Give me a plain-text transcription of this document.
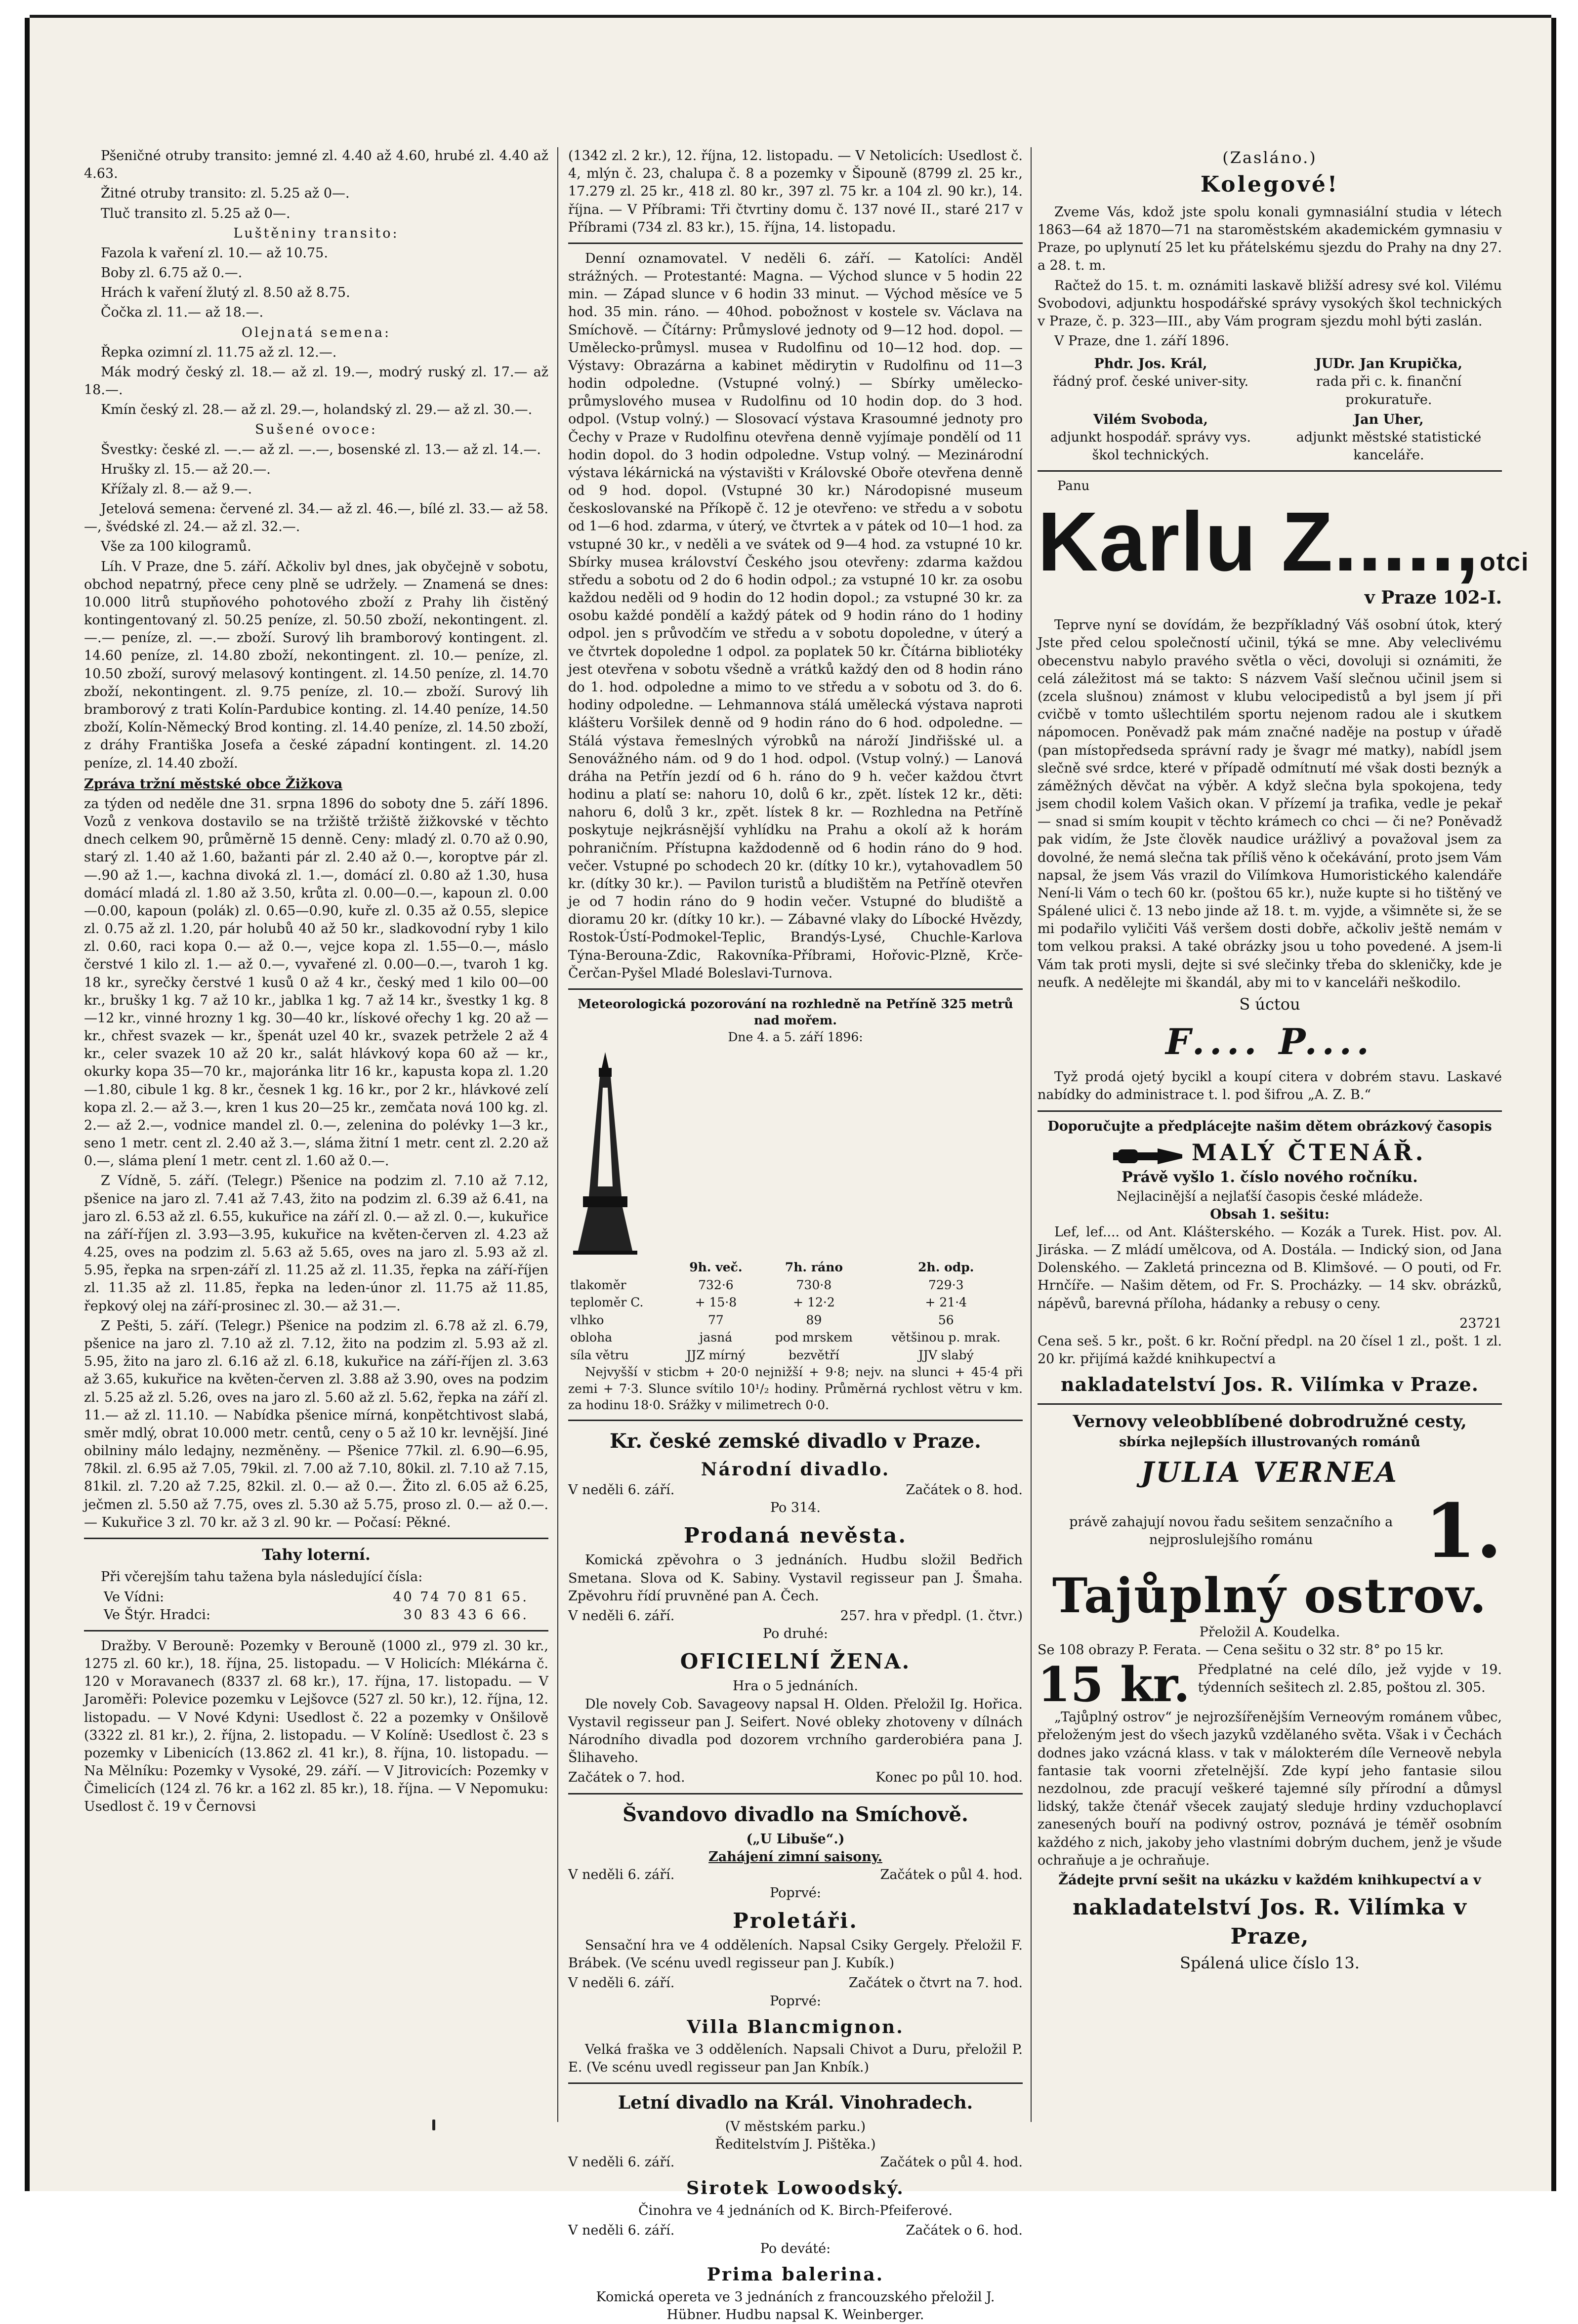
Pšeničné otruby transito: jemné zl. 4.40 až 4.60, hrubé zl. 4.40 až 4.63.

Žitné otruby transito: zl. 5.25 až 0—.

Tluč transito zl. 5.25 až 0—.

Luštěniny transito:

Fazola k vaření zl. 10.— až 10.75.

Boby zl. 6.75 až 0.—.

Hrách k vaření žlutý zl. 8.50 až 8.75.

Čočka zl. 11.— až 18.—.

Olejnatá semena:

Řepka ozimní zl. 11.75 až zl. 12.—.

Mák modrý český zl. 18.— až zl. 19.—, modrý ruský zl. 17.— až 18.—.

Kmín český zl. 28.— až zl. 29.—, holandský zl. 29.— až zl. 30.—.

Sušené ovoce:

Švestky: české zl. —.— až zl. —.—, bosenské zl. 13.— až zl. 14.—.

Hrušky zl. 15.— až 20.—.

Křížaly zl. 8.— až 9.—.

Jetelová semena: červené zl. 34.— až zl. 46.—, bílé zl. 33.— až 58.—, švédské zl. 24.— až zl. 32.—.

Vše za 100 kilogramů.

Líh. V Praze, dne 5. září. Ačkoliv byl dnes, jak obyčejně v sobotu, obchod nepatrný, přece ceny plně se udržely. — Znamená se dnes: 10.000 litrů stupňového pohotového zboží z Prahy lih čistěný kontingentovaný zl. 50.25 peníze, zl. 50.50 zboží, nekontingent. zl. —.— peníze, zl. —.— zboží. Surový lih bramborový kontingent. zl. 14.60 peníze, zl. 14.80 zboží, nekontingent. zl. 10.— peníze, zl. 10.50 zboží, surový melasový kontingent. zl. 14.50 peníze, zl. 14.70 zboží, nekontingent. zl. 9.75 peníze, zl. 10.— zboží. Surový lih bramborový z trati Kolín-Pardubice konting. zl. 14.40 peníze, 14.50 zboží, Kolín-Německý Brod konting. zl. 14.40 peníze, zl. 14.50 zboží, z dráhy Františka Josefa a české západní kontingent. zl. 14.20 peníze, zl. 14.40 zboží.

Zpráva tržní městské obce Žižkova

za týden od neděle dne 31. srpna 1896 do soboty dne 5. září 1896. Vozů z venkova dostavilo se na tržiště tržiště žižkovské v těchto dnech celkem 90, průměrně 15 denně. Ceny: mladý zl. 0.70 až 0.90, starý zl. 1.40 až 1.60, bažanti pár zl. 2.40 až 0.—, koroptve pár zl. —.90 až 1.—, kachna divoká zl. 1.—, domácí zl. 0.80 až 1.30, husa domácí mladá zl. 1.80 až 3.50, krůta zl. 0.00—0.—, kapoun zl. 0.00—0.00, kapoun (polák) zl. 0.65—0.90, kuře zl. 0.35 až 0.55, slepice zl. 0.75 až zl. 1.20, pár holubů 40 až 50 kr., sladkovodní ryby 1 kilo zl. 0.60, raci kopa 0.— až 0.—, vejce kopa zl. 1.55—0.—, máslo čerstvé 1 kilo zl. 1.— až 0.—, vyvařené zl. 0.00—0.—, tvaroh 1 kg. 18 kr., syrečky čerstvé 1 kusů 0 až 4 kr., český med 1 kilo 00—00 kr., brušky 1 kg. 7 až 10 kr., jablka 1 kg. 7 až 14 kr., švestky 1 kg. 8—12 kr., vinné hrozny 1 kg. 30—40 kr., lískové ořechy 1 kg. 20 až — kr., chřest svazek — kr., špenát uzel 40 kr., svazek petržele 2 až 4 kr., celer svazek 10 až 20 kr., salát hlávkový kopa 60 až — kr., okurky kopa 35—70 kr., majoránka litr 16 kr., kapusta kopa zl. 1.20—1.80, cibule 1 kg. 8 kr., česnek 1 kg. 16 kr., por 2 kr., hlávkové zelí kopa zl. 2.— až 3.—, kren 1 kus 20—25 kr., zemčata nová 100 kg. zl. 2.— až 2.—, vodnice mandel zl. 0.—, zelenina do polévky 1—3 kr., seno 1 metr. cent zl. 2.40 až 3.—, sláma žitní 1 metr. cent zl. 2.20 až 0.—, sláma plení 1 metr. cent zl. 1.60 až 0.—.

Z Vídně, 5. září. (Telegr.) Pšenice na podzim zl. 7.10 až 7.12, pšenice na jaro zl. 7.41 až 7.43, žito na podzim zl. 6.39 až 6.41, na jaro zl. 6.53 až zl. 6.55, kukuřice na září zl. 0.— až zl. 0.—, kukuřice na září-říjen zl. 3.93—3.95, kukuřice na květen-červen zl. 4.23 až 4.25, oves na podzim zl. 5.63 až 5.65, oves na jaro zl. 5.93 až zl. 5.95, řepka na srpen-září zl. 11.25 až zl. 11.35, řepka na září-říjen zl. 11.35 až zl. 11.85, řepka na leden-únor zl. 11.75 až 11.85, řepkový olej na září-prosinec zl. 30.— až 31.—.

Z Pešti, 5. září. (Telegr.) Pšenice na podzim zl. 6.78 až zl. 6.79, pšenice na jaro zl. 7.10 až zl. 7.12, žito na podzim zl. 5.93 až zl. 5.95, žito na jaro zl. 6.16 až zl. 6.18, kukuřice na září-říjen zl. 3.63 až 3.65, kukuřice na květen-červen zl. 3.88 až 3.90, oves na podzim zl. 5.25 až zl. 5.26, oves na jaro zl. 5.60 až zl. 5.62, řepka na září zl. 11.— až zl. 11.10. — Nabídka pšenice mírná, konpětchtivost slabá, směr mdlý, obrat 10.000 metr. centů, ceny o 5 až 10 kr. levnější. Jiné obilniny málo ledajny, nezměněny. — Pšenice 77kil. zl. 6.90—6.95, 78kil. zl. 6.95 až 7.05, 79kil. zl. 7.00 až 7.10, 80kil. zl. 7.10 až 7.15, 81kil. zl. 7.20 až 7.25, 82kil. zl. 0.— až 0.—. Žito zl. 6.05 až 6.25, ječmen zl. 5.50 až 7.75, oves zl. 5.30 až 5.75, proso zl. 0.— až 0.—. — Kukuřice 3 zl. 70 kr. až 3 zl. 90 kr. — Počasí: Pěkné.

Tahy loterní.

Při včerejším tahu tažena byla následující čísla:

Ve Vídni:	40 74 70 81 65.
Ve Štýr. Hradci:	30 83 43 6 66.

Dražby. V Berouně: Pozemky v Berouně (1000 zl., 979 zl. 30 kr., 1275 zl. 60 kr.), 18. října, 25. listopadu. — V Holicích: Mlékárna č. 120 v Moravanech (8337 zl. 68 kr.), 17. října, 17. listopadu. — V Jaroměři: Polevice pozemku v Lejšovce (527 zl. 50 kr.), 12. října, 12. listopadu. — V Nové Kdyni: Usedlost č. 22 a pozemky v Onšilově (3322 zl. 81 kr.), 2. října, 2. listopadu. — V Kolíně: Usedlost č. 23 s pozemky v Libenicích (13.862 zl. 41 kr.), 8. října, 10. listopadu. — Na Mělníku: Pozemky v Vysoké, 29. září. — V Jitrovicích: Pozemky v Čimelicích (124 zl. 76 kr. a 162 zl. 85 kr.), 18. října. — V Nepomuku: Usedlost č. 19 v Černovsi

(1342 zl. 2 kr.), 12. října, 12. listopadu. — V Netolicích: Usedlost č. 4, mlýn č. 23, chalupa č. 8 a pozemky v Šipouně (8799 zl. 25 kr., 17.279 zl. 25 kr., 418 zl. 80 kr., 397 zl. 75 kr. a 104 zl. 90 kr.), 14. října. — V Příbrami: Tři čtvrtiny domu č. 137 nové II., staré 217 v Příbrami (734 zl. 83 kr.), 15. října, 14. listopadu.

Denní oznamovatel. V neděli 6. září. — Katolíci: Anděl strážných. — Protestanté: Magna. — Východ slunce v 5 hodin 22 min. — Západ slunce v 6 hodin 33 minut. — Východ měsíce ve 5 hod. 35 min. ráno. — 40hod. pobožnost v kostele sv. Václava na Smíchově. — Čítárny: Průmyslové jednoty od 9—12 hod. dopol. — Umělecko-průmysl. musea v Rudolfinu od 10—12 hod. dop. — Výstavy: Obrazárna a kabinet mědirytin v Rudolfinu od 11—3 hodin odpoledne. (Vstupné volný.) — Sbírky umělecko-průmyslového musea v Rudolfinu od 10 hodin dop. do 3 hod. odpol. (Vstup volný.) — Slosovací výstava Krasoumné jednoty pro Čechy v Praze v Rudolfinu otevřena denně vyjímaje pondělí od 11 hodin dopol. do 3 hodin odpoledne. Vstup volný. — Mezinárodní výstava lékárnická na výstavišti v Královské Oboře otevřena denně od 9 hod. dopol. (Vstupné 30 kr.) Národopisné museum českoslovanské na Příkopě č. 12 je otevřeno: ve středu a v sobotu od 1—6 hod. zdarma, v úterý, ve čtvrtek a v pátek od 10—1 hod. za vstupné 30 kr., v neděli a ve svátek od 9—4 hod. za vstupné 10 kr. Sbírky musea království Českého jsou otevřeny: zdarma každou středu a sobotu od 2 do 6 hodin odpol.; za vstupné 10 kr. za osobu každou neděli od 9 hodin do 12 hodin dopol.; za vstupné 30 kr. za osobu každé pondělí a každý pátek od 9 hodin ráno do 1 hodiny odpol. jen s průvodčím ve středu a v sobotu dopoledne, v úterý a ve čtvrtek dopoledne 1 odpol. za poplatek 50 kr. Čítárna bibliotéky jest otevřena v sobotu všedně a vrátků každý den od 8 hodin ráno do 1. hod. odpoledne a mimo to ve středu a v sobotu od 3. do 6. hodiny odpoledne. — Lehmannova stálá umělecká výstava naproti klášteru Voršilek denně od 9 hodin ráno do 6 hod. odpoledne. — Stálá výstava řemeslných výrobků na nároží Jindřišské ul. a Senovážného nám. od 9 do 1 hod. odpol. (Vstup volný.) — Lanová dráha na Petřín jezdí od 6 h. ráno do 9 h. večer každou čtvrt hodinu a platí se: nahoru 10, dolů 6 kr., zpět. lístek 12 kr., děti: nahoru 6, dolů 3 kr., zpět. lístek 8 kr. — Rozhledna na Petříně poskytuje nejkrásnější vyhlídku na Prahu a okolí až k horám pohraničním. Přístupna každodenně od 6 hodin ráno do 9 hod. večer. Vstupné po schodech 20 kr. (dítky 10 kr.), vytahovadlem 50 kr. (dítky 30 kr.). — Pavilon turistů a bludištěm na Petříně otevřen je od 7 hodin ráno do 9 hodin večer. Vstupné do bludiště a dioramu 20 kr. (dítky 10 kr.). — Zábavné vlaky do Líbocké Hvězdy, Rostok-Ústí-Podmokel-Teplic, Brandýs-Lysé, Chuchle-Karlova Týna-Berouna-Zdic, Rakovníka-Příbrami, Hořovic-Plzně, Krče-Čerčan-Pyšel Mladé Boleslavi-Turnova.

Meteorologická pozorování na rozhledně na Petříně 325 metrů nad mořem.
Dne 4. a 5. září 1896:
	9h. več.	7h. ráno	2h. odp.
tlakoměr	732·6	730·8	729·3
teploměr C.	+ 15·8	+ 12·2	+ 21·4
vlhko	77	89	56
obloha	jasná	pod mrskem	většinou p. mrak.
síla větru	JJZ mírný	bezvětří	JJV slabý

Nejvyšší v sticbm + 20·0 nejnižší + 9·8; nejv. na slunci + 45·4 při zemi + 7·3. Slunce svítilo 10¹/₂ hodiny. Průměrná rychlost větru v km. za hodinu 18·0. Srážky v milimetrech 0·0.

Kr. české zemské divadlo v Praze.
Národní divadlo.
V neděli 6. září.	Začátek o 8. hod.
Po 314.
Prodaná nevěsta.

Komická zpěvohra o 3 jednáních. Hudbu složil Bedřich Smetana. Slova od K. Sabiny. Vystavil regisseur pan J. Šmaha. Zpěvohru řídí pruvněné pan A. Čech.

V neděli 6. září.	257. hra v předpl. (1. čtvr.)
Po druhé:
OFICIELNÍ ŽENA.
Hra o 5 jednáních.

Dle novely Cob. Savageovy napsal H. Olden. Přeložil Ig. Hořica. Vystavil regisseur pan J. Seifert. Nové obleky zhotoveny v dílnách Národního divadla pod dozorem vrchního garderobiéra pana J. Šlihaveho.

Začátek o 7. hod.	Konec po půl 10. hod.
Švandovo divadlo na Smíchově.
(„U Libuše“.)
Zahájení zimní saisony.
V neděli 6. září.	Začátek o půl 4. hod.
Poprvé:
Proletáři.

Sensační hra ve 4 odděleních. Napsal Csiky Gergely. Přeložil F. Brábek. (Ve scénu uvedl regisseur pan J. Kubík.)

V neděli 6. září.	Začátek o čtvrt na 7. hod.
Poprvé:
Villa Blancmignon.

Velká fraška ve 3 odděleních. Napsali Chivot a Duru, přeložil P. E. (Ve scénu uvedl regisseur pan Jan Knbík.)

Letní divadlo na Král. Vinohradech.
(V městském parku.)
Ředitelstvím J. Pištěka.)
V neděli 6. září.	Začátek o půl 4. hod.
Sirotek Lowoodský.

Činohra ve 4 jednáních od K. Birch-Pfeiferové.

V neděli 6. září.	Začátek o 6. hod.
Po deváté:
Prima balerina.

Komická opereta ve 3 jednáních z francouzského přeložil J. Hübner. Hudbu napsal K. Weinberger.

(Zasláno.)
Kolegové!

Zveme Vás, kdož jste spolu konali gymnasiální studia v létech 1863—64 až 1870—71 na staroměstském akademickém gymnasiu v Praze, po uplynutí 25 let ku přátelskému sjezdu do Prahy na dny 27. a 28. t. m.

Račtež do 15. t. m. oznámiti laskavě bližší adresy své kol. Vilému Svobodovi, adjunktu hospodářské správy vysokých škol technických v Praze, č. p. 323—III., aby Vám program sjezdu mohl býti zaslán.

V Praze, dne 1. září 1896.

Phdr. Jos. Král,
řádný prof. české univer-sity.
JUDr. Jan Krupička,
rada při c. k. finanční prokuratuře.
Vilém Svoboda,
adjunkt hospodář. správy vys. škol technických.
Jan Uher,
adjunkt městské statistické kanceláře.
Panu
Karlu Z.....,otci
v Praze 102-I.

Teprve nyní se dovídám, že bezpříkladný Váš osobní útok, který Jste před celou společností učinil, týká se mne. Aby veleclivému obecenstvu nabylo pravého světla o věci, dovoluji si oznámiti, že celá záležitost má se takto: S názvem Vaší slečnou učinil jsem si (zcela slušnou) známost v klubu velocipedistů a byl jsem jí při cvičbě v tomto ušlechtilém sportu nejenom radou ale i skutkem nápomocen. Poněvadž pak mám značné naděje na postup v úřadě (pan místopředseda správní rady je švagr mé matky), nabídl jsem slečně své srdce, které v případě odmítnutí mé však dosti beznýk a záměžných děvčat na výběr. A když slečna byla spokojena, tedy jsem chodil kolem Vašich okan. V přízemí ja trafika, vedle je pekař — snad si smím koupit v těchto krámech co chci — či ne? Poněvadž pak vidím, že Jste člověk naudice urážlivý a považoval jsem za dovolné, že nemá slečna tak příliš věno k očekávání, proto jsem Vám napsal, že jsem Vás vrazil do Vilímkova Humoristického kalendáře Není-li Vám o tech 60 kr. (poštou 65 kr.), nuže kupte si ho tištěný ve Spálené ulici č. 13 nebo jinde až 18. t. m. vyjde, a všimněte si, že se mi podařilo vyličiti Váš veršem dosti dobře, ačkoliv ještě nemám v tom velkou praksi. A také obrázky jsou u toho povedené. A jsem-li Vám tak proti mysli, dejte si své slečinky třeba do skleničky, kde je neufk. A nedělejte mi škandál, aby mi to v kanceláři neškodilo.

S úctou
F.... P....

Tyž prodá ojetý bycikl a koupí citera v dobrém stavu. Laskavé nabídky do administrace t. l. pod šifrou „A. Z. B.“

Doporučujte a předplácejte našim dětem obrázkový časopis

MALÝ ČTENÁŘ.
Právě vyšlo 1. číslo nového ročníku.
Nejlacinější a nejlaťší časopis české mládeže.
Obsah 1. sešitu:

Lef, lef.... od Ant. Klášterského. — Kozák a Turek. Hist. pov. Al. Jiráska. — Z mládí umělcova, od A. Dostála. — Indický sion, od Jana Dolenského. — Zakletá princezna od B. Klimšové. — O pouti, od Fr. Hrnčíře. — Našim dětem, od Fr. S. Procházky. — 14 skv. obrázků, nápěvů, barevná příloha, hádanky a rebusy o ceny.

23721

Cena seš. 5 kr., pošt. 6 kr. Roční předpl. na 20 čísel 1 zl., pošt. 1 zl. 20 kr. přijímá každé knihkupectví a

nakladatelství Jos. R. Vilímka v Praze.
Vernovy veleobblíbené dobrodružné cesty,
sbírka nejlepších illustrovaných románů
JULIA VERNEA
právě zahajují novou řadu sešitem senzačního a nejproslulejšího románu	1.
Tajůplný ostrov.
Přeložil A. Koudelka.

Se 108 obrazy P. Ferata. — Cena sešitu o 32 str. 8° po 15 kr.

15 kr. Předplatné na celé dílo, jež vyjde v 19. týdenních sešitech zl. 2.85, poštou zl. 305.

„Tajůplný ostrov“ je nejrozšířenějším Verneovým románem vůbec, přeloženým jest do všech jazyků vzdělaného světa. Však i v Čechách dodnes jako vzácná klass. v tak v málokterém díle Verneově nebyla fantasie tak voorni zřetelnější. Zde kypí jeho fantasie silou nezdolnou, zde pracují veškeré tajemné síly přírodní a důmysl lidský, takže čtenář všecek zaujatý sleduje hrdiny vzduchoplavcí zanesených bouří na podivný ostrov, poznává je téměř osobním každého z nich, jakoby jeho vlastními dobrým duchem, jenž je všude ochraňuje a je ochraňuje.

Žádejte první sešit na ukázku v každém knihkupectví a v
nakladatelství Jos. R. Vilímka v Praze,
Spálená ulice číslo 13.
